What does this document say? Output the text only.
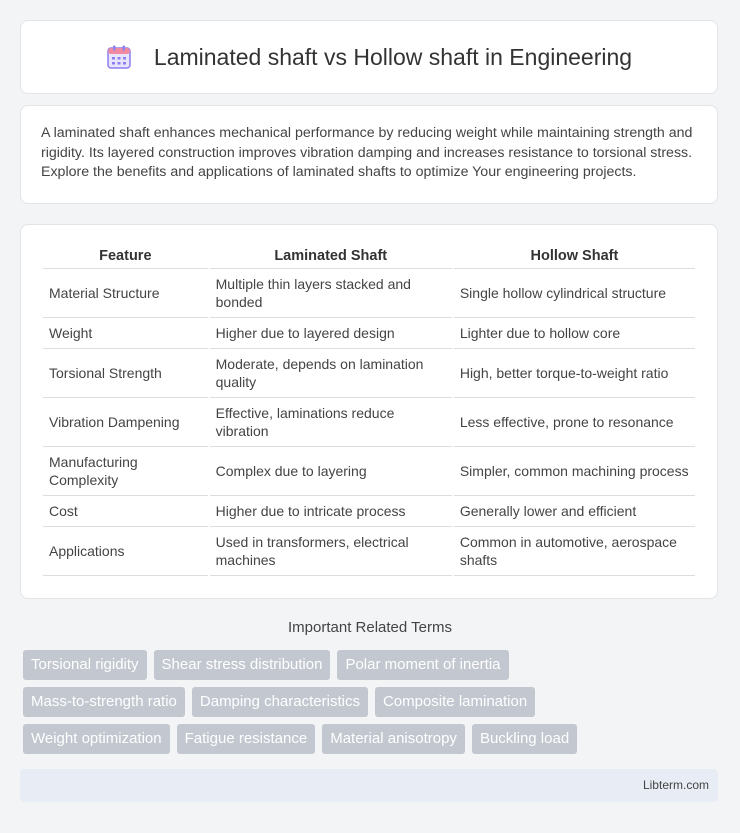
Laminated shaft vs Hollow shaft in Engineering

A laminated shaft enhances mechanical performance by reducing weight while maintaining strength and rigidity. Its layered construction improves vibration damping and increases resistance to torsional stress. Explore the benefits and applications of laminated shafts to optimize Your engineering projects.

Feature	Laminated Shaft	Hollow Shaft
Material Structure	Multiple thin layers stacked and bonded	Single hollow cylindrical structure
Weight	Higher due to layered design	Lighter due to hollow core
Torsional Strength	Moderate, depends on lamination quality	High, better torque-to-weight ratio
Vibration Dampening	Effective, laminations reduce vibration	Less effective, prone to resonance
Manufacturing Complexity	Complex due to layering	Simpler, common machining process
Cost	Higher due to intricate process	Generally lower and efficient
Applications	Used in transformers, electrical machines	Common in automotive, aerospace shafts
Important Related Terms
Torsional rigidity	Shear stress distribution	Polar moment of inertia
Mass-to-strength ratio	Damping characteristics	Composite lamination
Weight optimization	Fatigue resistance	Material anisotropy	Buckling load
Libterm.com
